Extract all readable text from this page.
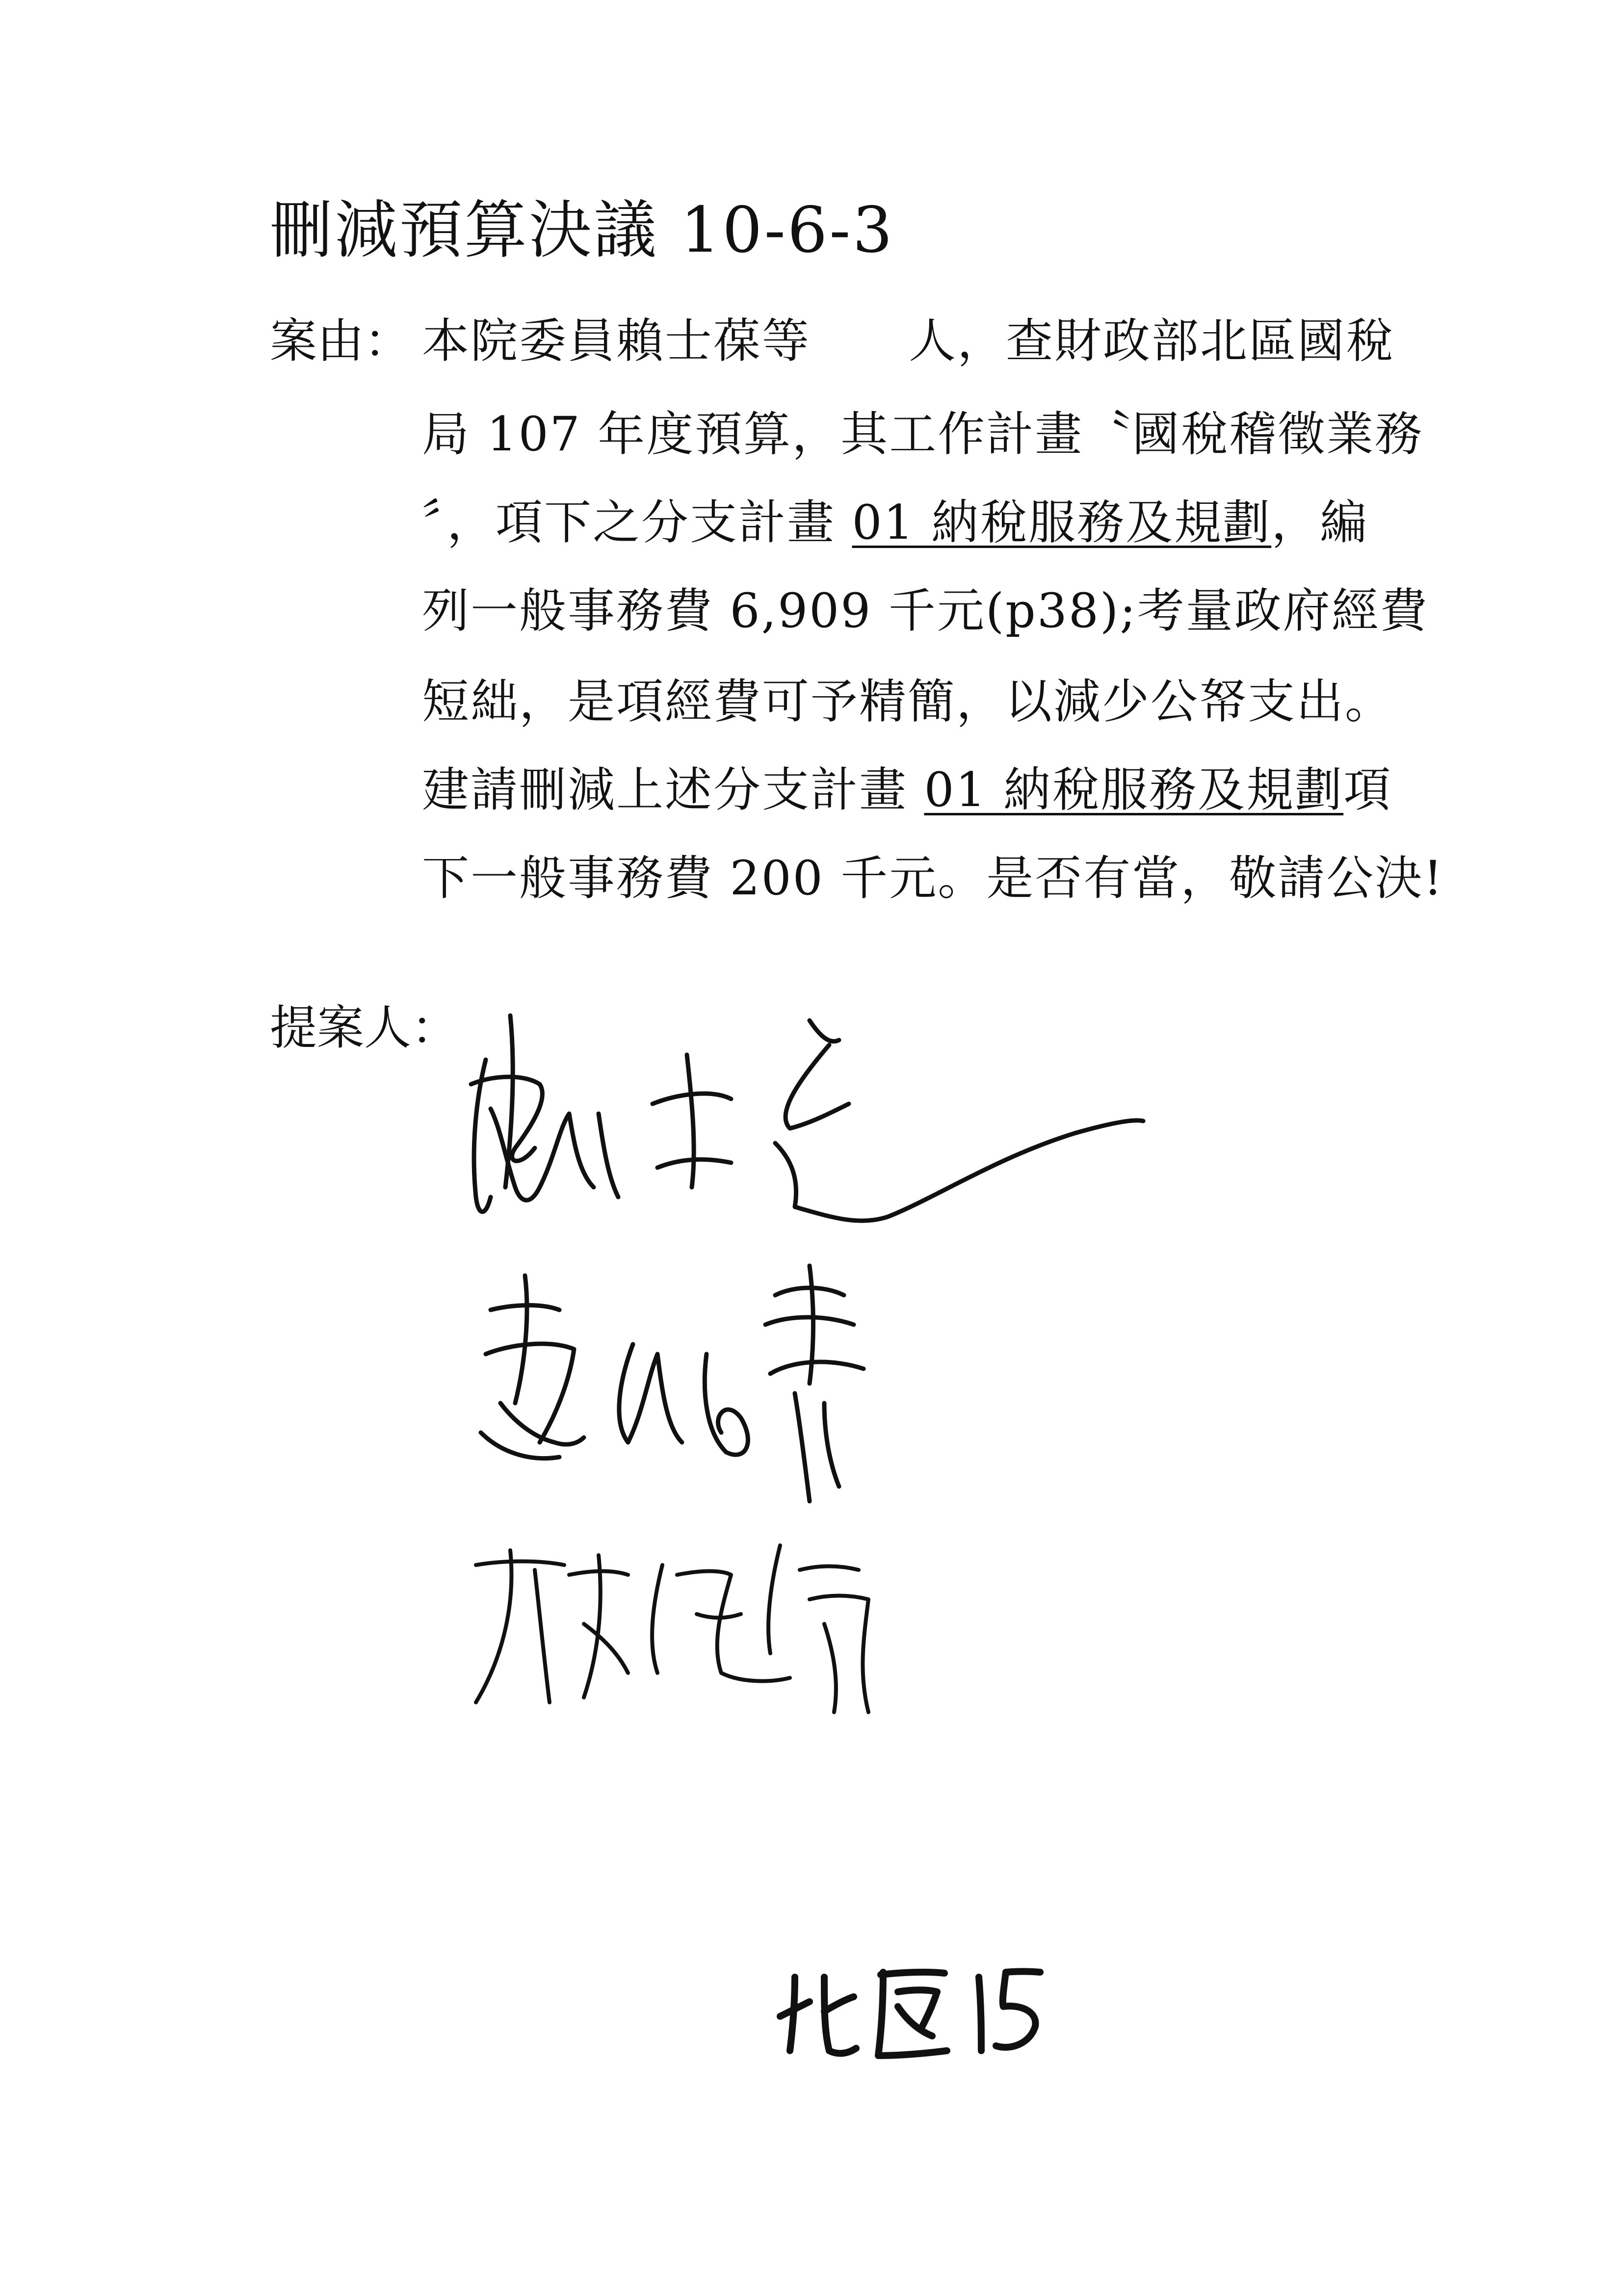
刪減預算決議 10-6-3
案由： 本院委員賴士葆等 人，查財政部北區國稅
局 107 年度預算，其工作計畫〝國稅稽徵業務
〞，項下之分支計畫 01 納稅服務及規劃，編
列一般事務費 6,909 千元(p38);考量政府經費
短絀，是項經費可予精簡，以減少公帑支出。
建請刪減上述分支計畫 01 納稅服務及規劃項
下一般事務費 200 千元。是否有當，敬請公決!
提案人：
